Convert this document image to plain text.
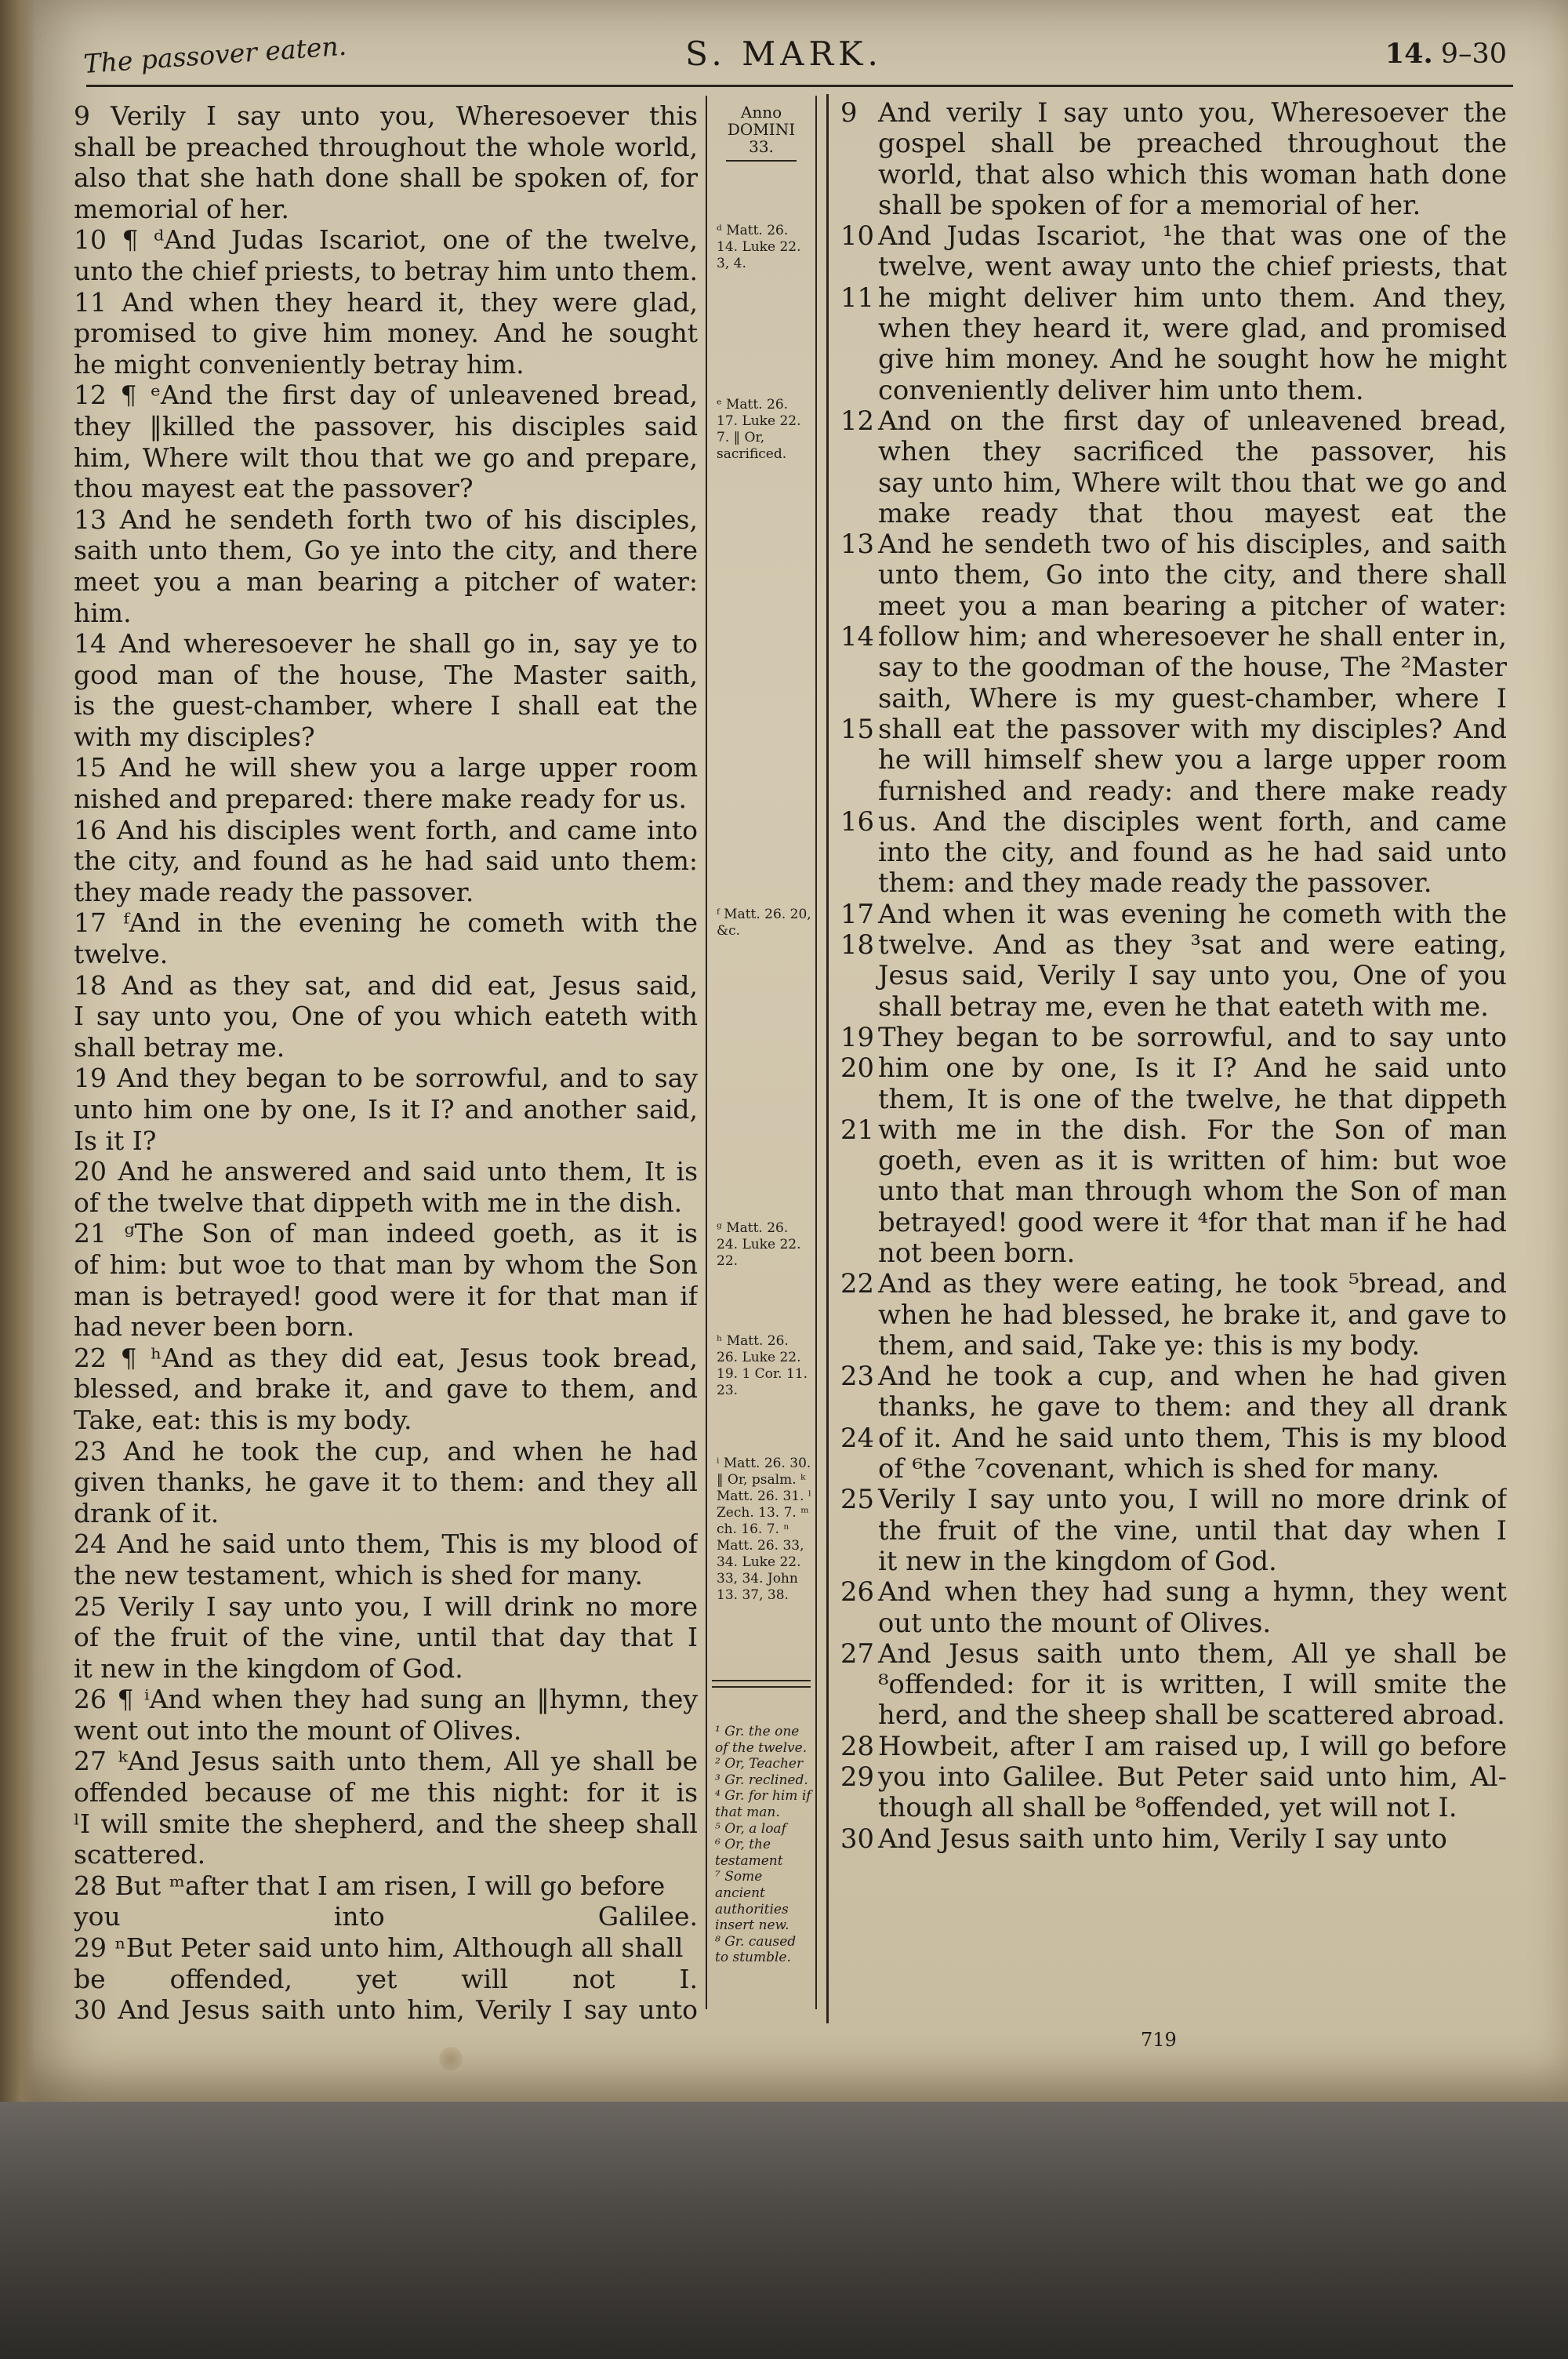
The passover eaten.	S. MARK.	14. 9–30
9 Verily I say unto you, Wheresoever this
shall be preached throughout the whole world,
also that she hath done shall be spoken of, for
memorial of her.
10 ¶ ᵈAnd Judas Iscariot, one of the twelve,
unto the chief priests, to betray him unto them.
11 And when they heard it, they were glad,
promised to give him money. And he sought
he might conveniently betray him.
12 ¶ ᵉAnd the first day of unleavened bread,
they ‖killed the passover, his disciples said
him, Where wilt thou that we go and prepare,
thou mayest eat the passover?
13 And he sendeth forth two of his disciples,
saith unto them, Go ye into the city, and there
meet you a man bearing a pitcher of water:
him.
14 And wheresoever he shall go in, say ye to
good man of the house, The Master saith,
is the guest-chamber, where I shall eat the
with my disciples?
15 And he will shew you a large upper room
nished and prepared: there make ready for us.
16 And his disciples went forth, and came into
the city, and found as he had said unto them:
they made ready the passover.
17 ᶠAnd in the evening he cometh with the
twelve.
18 And as they sat, and did eat, Jesus said,
I say unto you, One of you which eateth with
shall betray me.
19 And they began to be sorrowful, and to say
unto him one by one, Is it I? and another said,
Is it I?
20 And he answered and said unto them, It is
of the twelve that dippeth with me in the dish.
21 ᵍThe Son of man indeed goeth, as it is
of him: but woe to that man by whom the Son
man is betrayed! good were it for that man if
had never been born.
22 ¶ ʰAnd as they did eat, Jesus took bread,
blessed, and brake it, and gave to them, and
Take, eat: this is my body.
23 And he took the cup, and when he had
given thanks, he gave it to them: and they all
drank of it.
24 And he said unto them, This is my blood of
the new testament, which is shed for many.
25 Verily I say unto you, I will drink no more
of the fruit of the vine, until that day that I
it new in the kingdom of God.
26 ¶ ⁱAnd when they had sung an ‖hymn, they
went out into the mount of Olives.
27 ᵏAnd Jesus saith unto them, All ye shall be
offended because of me this night: for it is
ˡI will smite the shepherd, and the sheep shall
scattered.
28 But ᵐafter that I am risen, I will go before
you into Galilee.
29 ⁿBut Peter said unto him, Although all shall
be offended, yet will not I.
30 And Jesus saith unto him, Verily I say unto
Anno
DOMINI
33.
ᵈ Matt. 26. 14. Luke 22. 3, 4.
ᵉ Matt. 26. 17. Luke 22. 7. ‖ Or, sacrificed.
ᶠ Matt. 26. 20, &c.
ᵍ Matt. 26. 24. Luke 22. 22.
ʰ Matt. 26. 26. Luke 22. 19. 1 Cor. 11. 23.
ⁱ Matt. 26. 30. ‖ Or, psalm. ᵏ Matt. 26. 31. ˡ Zech. 13. 7. ᵐ ch. 16. 7. ⁿ Matt. 26. 33, 34. Luke 22. 33, 34. John 13. 37, 38.
¹ Gr. the one of the twelve.
² Or, Teacher
³ Gr. reclined.
⁴ Gr. for him if that man.
⁵ Or, a loaf
⁶ Or, the testament
⁷ Some ancient authorities insert new.
⁸ Gr. caused to stumble.
9 And verily I say unto you, Wheresoever the
gospel shall be preached throughout the
world, that also which this woman hath done
shall be spoken of for a memorial of her.
10 And Judas Iscariot, ¹he that was one of the
twelve, went away unto the chief priests, that
11 he might deliver him unto them. And they,
when they heard it, were glad, and promised
give him money. And he sought how he might
conveniently deliver him unto them.
12 And on the first day of unleavened bread,
when they sacrificed the passover, his
say unto him, Where wilt thou that we go and
make ready that thou mayest eat the
13 And he sendeth two of his disciples, and saith
unto them, Go into the city, and there shall
meet you a man bearing a pitcher of water:
14 follow him; and wheresoever he shall enter in,
say to the goodman of the house, The ²Master
saith, Where is my guest-chamber, where I
15 shall eat the passover with my disciples? And
he will himself shew you a large upper room
furnished and ready: and there make ready
16 us. And the disciples went forth, and came
into the city, and found as he had said unto
them: and they made ready the passover.
17 And when it was evening he cometh with the
18 twelve. And as they ³sat and were eating,
Jesus said, Verily I say unto you, One of you
shall betray me, even he that eateth with me.
19 They began to be sorrowful, and to say unto
20 him one by one, Is it I? And he said unto
them, It is one of the twelve, he that dippeth
21 with me in the dish. For the Son of man
goeth, even as it is written of him: but woe
unto that man through whom the Son of man
betrayed! good were it ⁴for that man if he had
not been born.
22 And as they were eating, he took ⁵bread, and
when he had blessed, he brake it, and gave to
them, and said, Take ye: this is my body.
23 And he took a cup, and when he had given
thanks, he gave to them: and they all drank
24 of it. And he said unto them, This is my blood
of ⁶the ⁷covenant, which is shed for many.
25 Verily I say unto you, I will no more drink of
the fruit of the vine, until that day when I
it new in the kingdom of God.
26 And when they had sung a hymn, they went
out unto the mount of Olives.
27 And Jesus saith unto them, All ye shall be
⁸offended: for it is written, I will smite the
herd, and the sheep shall be scattered abroad.
28 Howbeit, after I am raised up, I will go before
29 you into Galilee. But Peter said unto him, Al-
though all shall be ⁸offended, yet will not I.
30 And Jesus saith unto him, Verily I say unto
719
